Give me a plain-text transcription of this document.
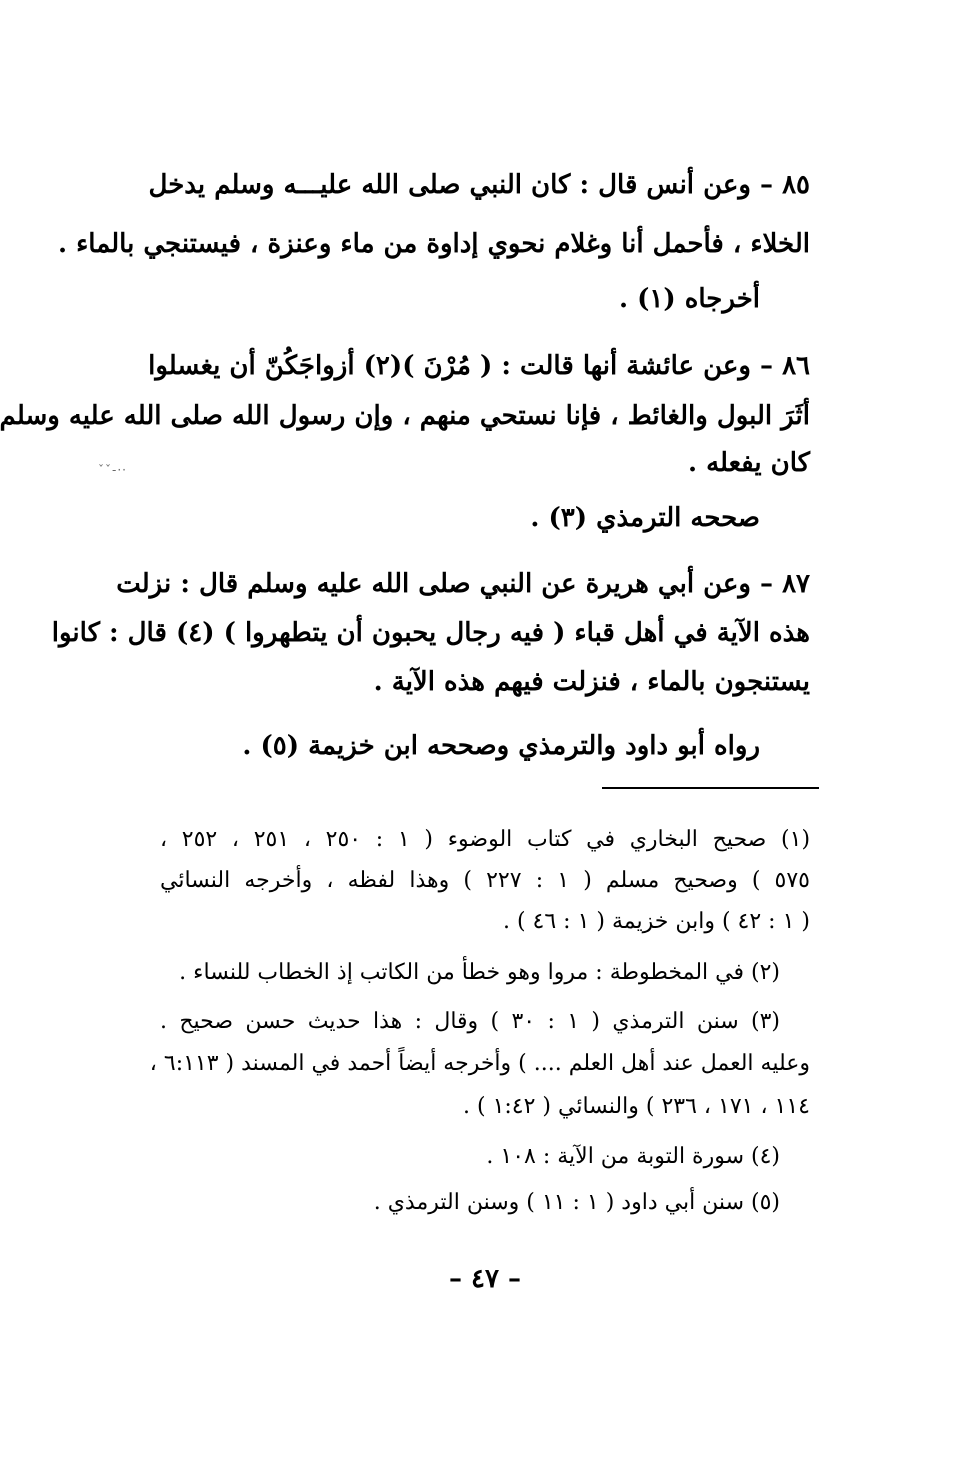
٨٥ – وعن أنس قال : كان النبي صلى الله عليـــه وسلم يدخل
الخلاء ، فأحمل أنا وغلام نحوي إداوة من ماء وعنزة ، فيستنجي بالماء .
أخرجاه (١) .
٨٦ – وعن عائشة أنها قالت : ( مُرْنَ )(٢) أزواجَكُنّ أن يغسلوا
أثَرَ البول والغائط ، فإنا نستحي منهم ، وإن رسول الله صلى الله عليه وسلم
كان يفعله .
صححه الترمذي (٣) .
٨٧ – وعن أبي هريرة عن النبي صلى الله عليه وسلم قال : نزلت
هذه الآية في أهل قباء ( فيه رجال يحبون أن يتطهروا ) (٤) قال : كانوا
يستنجون بالماء ، فنزلت فيهم هذه الآية .
رواه أبو داود والترمذي وصححه ابن خزيمة (٥) .
··‑ˇˇ
(١) صحيح البخاري في كتاب الوضوء ( ١ : ٢٥٠ ، ٢٥١ ، ٢٥٢ ،
٥٧٥ ) وصحيح مسلم ( ١ : ٢٢٧ ) وهذا لفظه ، وأخرجه النسائي
( ١ : ٤٢ ) وابن خزيمة ( ١ : ٤٦ ) .
(٢) في المخطوطة : مروا وهو خطأ من الكاتب إذ الخطاب للنساء .
(٣) سنن الترمذي ( ١ : ٣٠ ) وقال : هذا حديث حسن صحيح .
وعليه العمل عند أهل العلم .... ) وأخرجه أيضاً أحمد في المسند ( ٦:١١٣ ،
١١٤ ، ١٧١ ، ٢٣٦ ) والنسائي ( ١:٤٢ ) .
(٤) سورة التوبة من الآية : ١٠٨ .
(٥) سنن أبي داود ( ١ : ١١ ) وسنن الترمذي .
– ٤٧ –
